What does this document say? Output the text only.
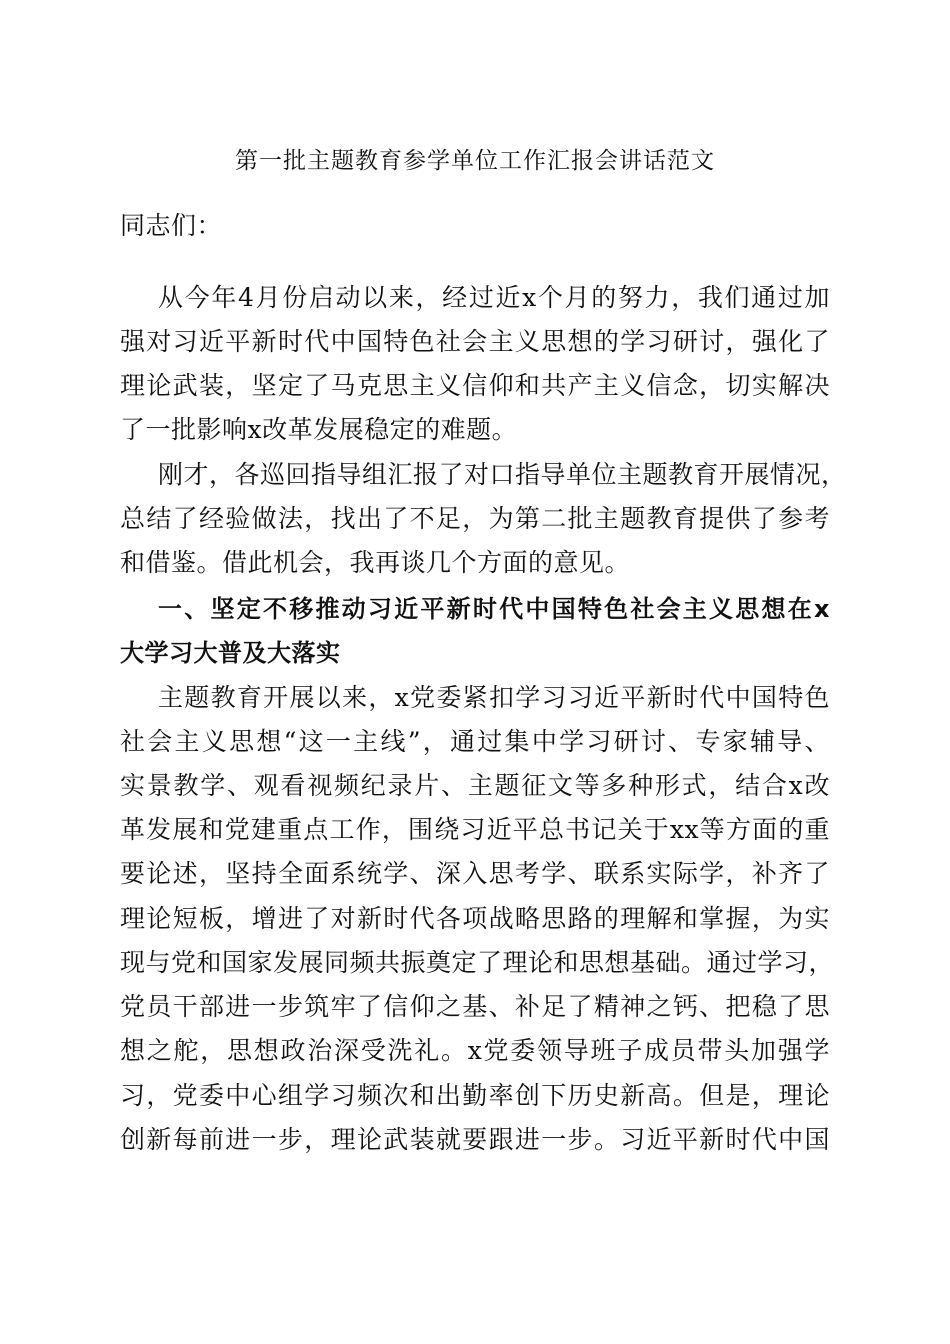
第一批主题教育参学单位工作汇报会讲话范文
同志们：
从今年4月份启动以来，经过近x个月的努力，我们通过加
强对习近平新时代中国特色社会主义思想的学习研讨，强化了
理论武装，坚定了马克思主义信仰和共产主义信念，切实解决
了一批影响x改革发展稳定的难题。
刚才，各巡回指导组汇报了对口指导单位主题教育开展情况，
总结了经验做法，找出了不足，为第二批主题教育提供了参考
和借鉴。借此机会，我再谈几个方面的意见。
一、坚定不移推动习近平新时代中国特色社会主义思想在x
大学习大普及大落实
主题教育开展以来，x党委紧扣学习习近平新时代中国特色
社会主义思想“这一主线”，通过集中学习研讨、专家辅导、
实景教学、观看视频纪录片、主题征文等多种形式，结合x改
革发展和党建重点工作，围绕习近平总书记关于xx等方面的重
要论述，坚持全面系统学、深入思考学、联系实际学，补齐了
理论短板，增进了对新时代各项战略思路的理解和掌握，为实
现与党和国家发展同频共振奠定了理论和思想基础。通过学习，
党员干部进一步筑牢了信仰之基、补足了精神之钙、把稳了思
想之舵，思想政治深受洗礼。x党委领导班子成员带头加强学
习，党委中心组学习频次和出勤率创下历史新高。但是，理论
创新每前进一步，理论武装就要跟进一步。习近平新时代中国
